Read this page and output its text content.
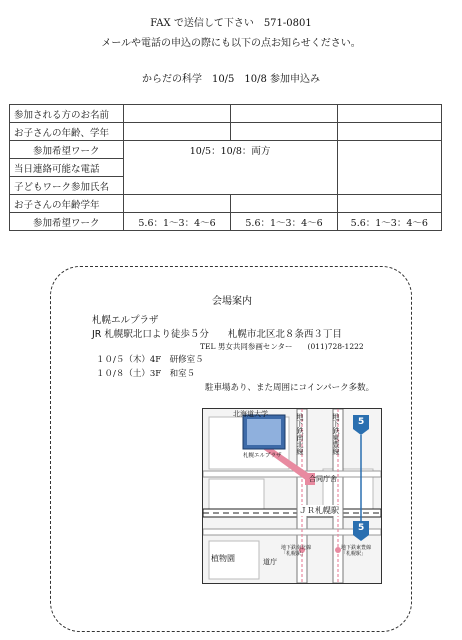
FAX で送信して下さい　571-0801
メールや電話の申込の際にも以下の点お知らせください。
からだの科学　10/5　10/8 参加申込み
参加される方のお名前			
お子さんの年齢、学年			
参加希望ワーク	10/5：10/8：両方		
当日連絡可能な電話			
子どもワーク参加氏名			
お子さんの年齢学年			
参加希望ワーク	5.6：1～3：4～6	5.6：1～3：4～6	5.6：1～3：4～6
会場案内
札幌エルプラザ
JR 札幌駅北口より徒歩５分　　札幌市北区北８条西３丁目
TEL 男女共同参画センター　　(011)728-1222
１０/５（木）4F　研修室５
１０/８（土）3F　和室５
駐車場あり、また周囲にコインパーク多数。
北海道大学
札幌エルプラザ
地下鉄南北線	地下鉄東豊線
合同庁舎
ＪＲ札幌駅
植物園	道庁
地下鉄南北線「札幌駅」
地下鉄東豊線「札幌駅」
5
5
